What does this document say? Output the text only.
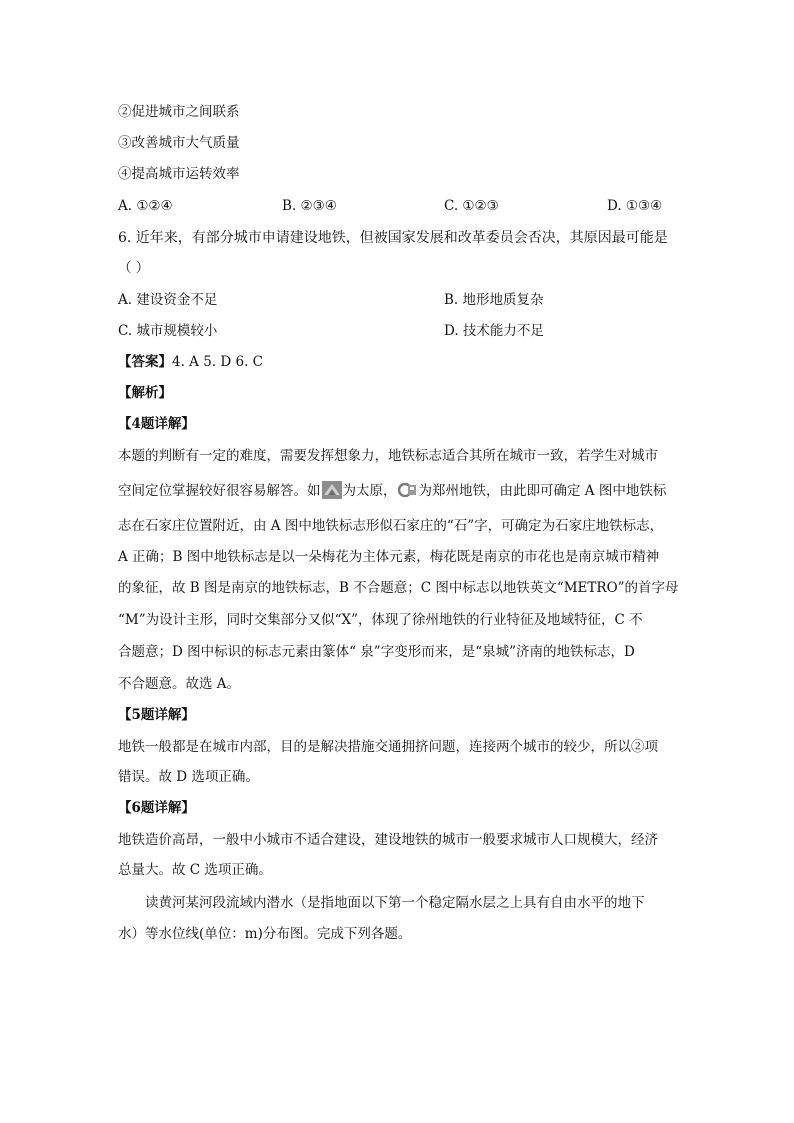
②促进城市之间联系
③改善城市大气质量
④提高城市运转效率
A. ①②④	B. ②③④	C. ①②③	D. ①③④
6. 近年来，有部分城市申请建设地铁，但被国家发展和改革委员会否决，其原因最可能是
（ ）
A. 建设资金不足	B. 地形地质复杂
C. 城市规模较小	D. 技术能力不足
【答案】4. A 5. D 6. C
【解析】
【4题详解】
本题的判断有一定的难度，需要发挥想象力，地铁标志适合其所在城市一致，若学生对城市
空间定位掌握较好很容易解答。如 为太原， 为郑州地铁，由此即可确定 A 图中地铁标
志在石家庄位置附近，由 A 图中地铁标志形似石家庄的“石”字，可确定为石家庄地铁标志，
A 正确；B 图中地铁标志是以一朵梅花为主体元素，梅花既是南京的市花也是南京城市精神
的象征，故 B 图是南京的地铁标志，B 不合题意；C 图中标志以地铁英文“METRO”的首字母
“M”为设计主形，同时交集部分又似“X”，体现了徐州地铁的行业特征及地域特征，C 不
合题意；D 图中标识的标志元素由篆体“ 泉”字变形而来，是“泉城”济南的地铁标志，D
不合题意。故选 A。
【5题详解】
地铁一般都是在城市内部，目的是解决措施交通拥挤问题，连接两个城市的较少，所以②项
错误。故 D 选项正确。
【6题详解】
地铁造价高昂，一般中小城市不适合建设，建设地铁的城市一般要求城市人口规模大，经济
总量大。故 C 选项正确。
读黄河某河段流域内潜水（是指地面以下第一个稳定隔水层之上具有自由水平的地下
水）等水位线(单位：m)分布图。完成下列各题。
